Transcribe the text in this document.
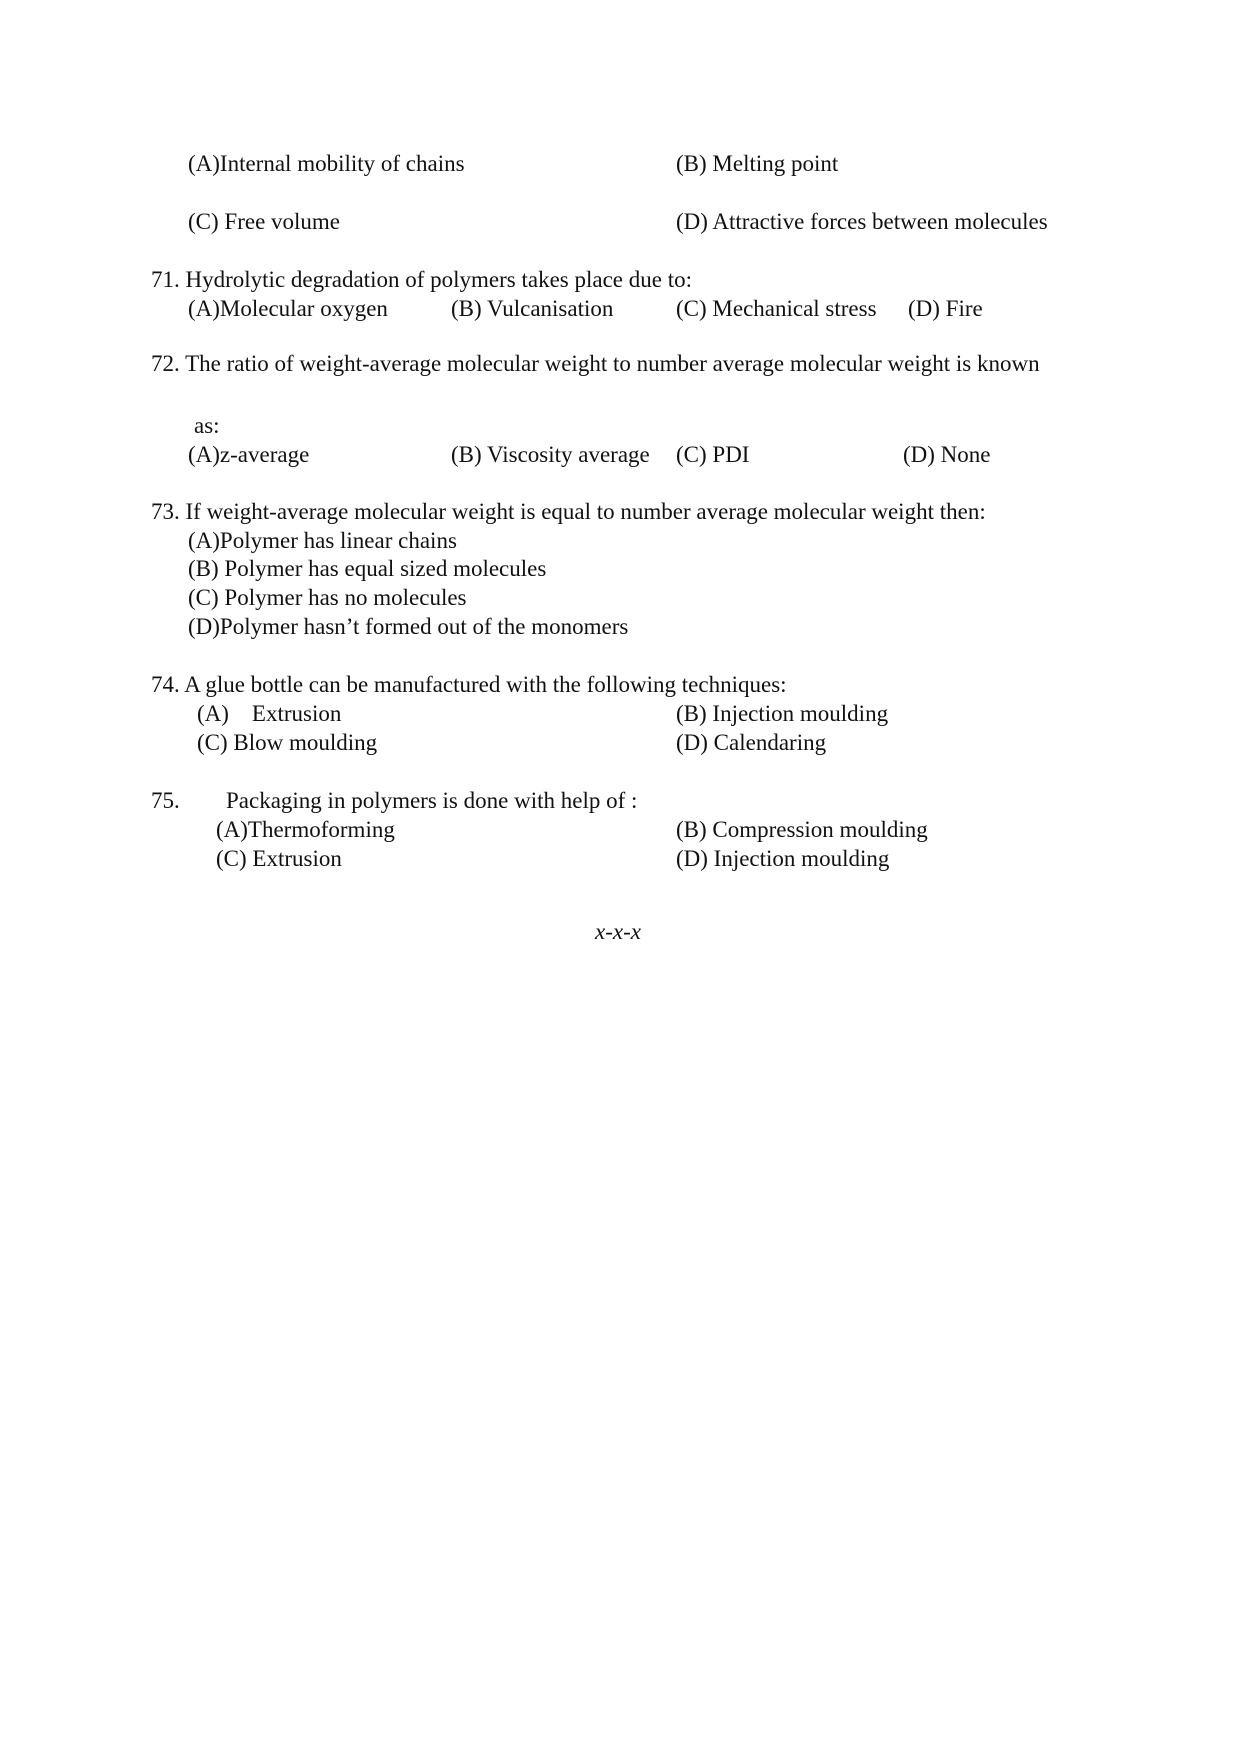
(A)Internal mobility of chains	(B) Melting point
(C) Free volume	(D) Attractive forces between molecules
71. Hydrolytic degradation of polymers takes place due to:
(A)Molecular oxygen	(B) Vulcanisation	(C) Mechanical stress (D) Fire
72. The ratio of weight-average molecular weight to number average molecular weight is known
as:
(A)z-average	(B) Viscosity average (C) PDI	(D) None
73. If weight-average molecular weight is equal to number average molecular weight then:
(A)Polymer has linear chains
(B) Polymer has equal sized molecules
(C) Polymer has no molecules
(D)Polymer hasn’t formed out of the monomers
74. A glue bottle can be manufactured with the following techniques:
(A)    Extrusion	(B) Injection moulding
(C) Blow moulding	(D) Calendaring
75. Packaging in polymers is done with help of :
(A)Thermoforming	(B) Compression moulding
(C) Extrusion	(D) Injection moulding
x-x-x
